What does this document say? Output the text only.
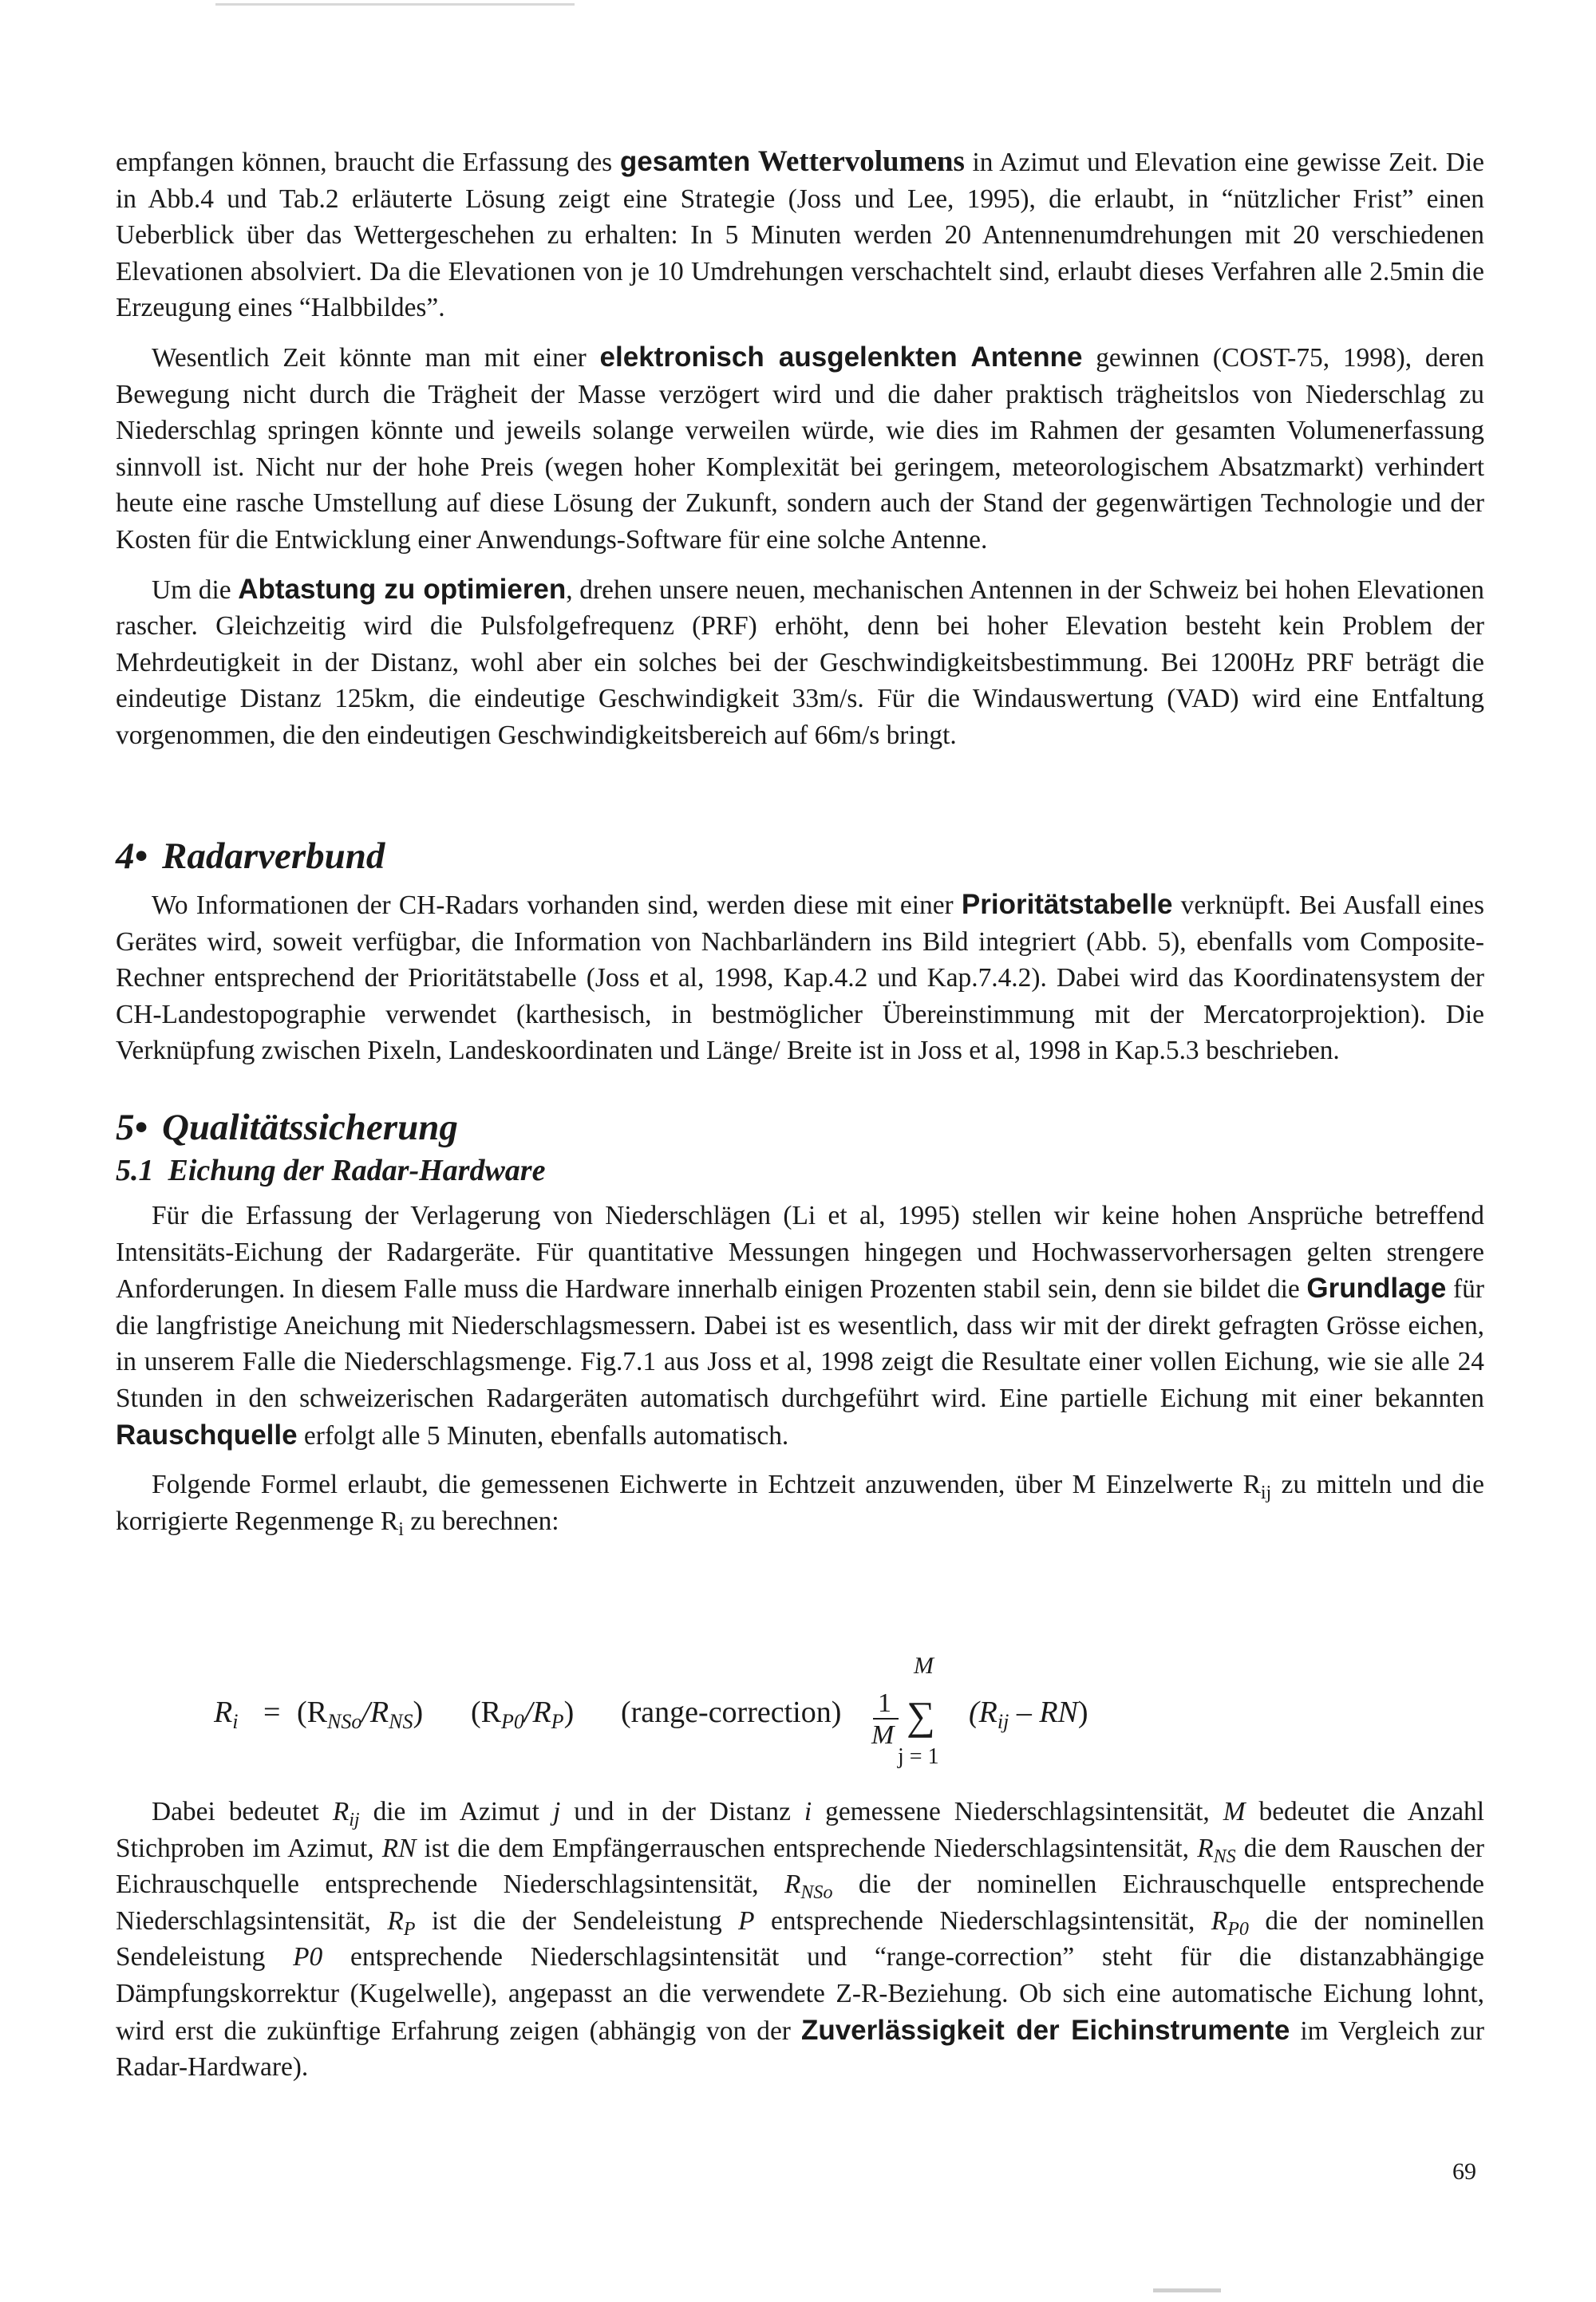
empfangen können, braucht die Erfassung des gesamten Wettervolumens in Azimut und Elevation eine gewisse Zeit. Die in Abb.4 und Tab.2 erläuterte Lösung zeigt eine Strategie (Joss und Lee, 1995), die erlaubt, in “nützlicher Frist” einen Ueberblick über das Wettergeschehen zu erhalten: In 5 Minuten werden 20 Antennenumdrehungen mit 20 verschiedenen Elevationen absolviert. Da die Elevationen von je 10 Umdrehungen verschachtelt sind, erlaubt dieses Verfahren alle 2.5min die Erzeugung eines “Halbbildes”.

Wesentlich Zeit könnte man mit einer elektronisch ausgelenkten Antenne gewinnen (COST-75, 1998), deren Bewegung nicht durch die Trägheit der Masse verzögert wird und die daher praktisch trägheitslos von Niederschlag zu Niederschlag springen könnte und jeweils solange verweilen würde, wie dies im Rahmen der gesamten Volumenerfassung sinnvoll ist. Nicht nur der hohe Preis (wegen hoher Komplexität bei geringem, meteorologischem Absatzmarkt) verhindert heute eine rasche Umstellung auf diese Lösung der Zukunft, sondern auch der Stand der gegenwärtigen Technologie und der Kosten für die Entwicklung einer Anwendungs-Software für eine solche Antenne.

Um die Abtastung zu optimieren, drehen unsere neuen, mechanischen Antennen in der Schweiz bei hohen Elevationen rascher. Gleichzeitig wird die Pulsfolgefrequenz (PRF) erhöht, denn bei hoher Elevation besteht kein Problem der Mehrdeutigkeit in der Distanz, wohl aber ein solches bei der Geschwindigkeitsbestimmung. Bei 1200Hz PRF beträgt die eindeutige Distanz 125km, die eindeutige Geschwindigkeit 33m/s. Für die Windauswertung (VAD) wird eine Entfaltung vorgenommen, die den eindeutigen Geschwindigkeitsbereich auf 66m/s bringt.

4• Radarverbund

Wo Informationen der CH-Radars vorhanden sind, werden diese mit einer Prioritätstabelle verknüpft. Bei Ausfall eines Gerätes wird, soweit verfügbar, die Information von Nachbarländern ins Bild integriert (Abb. 5), ebenfalls vom Composite-Rechner entsprechend der Prioritätstabelle (Joss et al, 1998, Kap.4.2 und Kap.7.4.2). Dabei wird das Koordinatensystem der CH-Landestopographie verwendet (karthesisch, in bestmöglicher Übereinstimmung mit der Mercatorprojektion). Die Verknüpfung zwischen Pixeln, Landeskoordinaten und Länge/ Breite ist in Joss et al, 1998 in Kap.5.3 beschrieben.

5• Qualitätssicherung
5.1 Eichung der Radar-Hardware

Für die Erfassung der Verlagerung von Niederschlägen (Li et al, 1995) stellen wir keine hohen Ansprüche betreffend Intensitäts-Eichung der Radargeräte. Für quantitative Messungen hingegen und Hochwasservorhersagen gelten strengere Anforderungen. In diesem Falle muss die Hardware innerhalb einigen Prozenten stabil sein, denn sie bildet die Grundlage für die langfristige Aneichung mit Niederschlagsmessern. Dabei ist es wesentlich, dass wir mit der direkt gefragten Grösse eichen, in unserem Falle die Niederschlagsmenge. Fig.7.1 aus Joss et al, 1998 zeigt die Resultate einer vollen Eichung, wie sie alle 24 Stunden in den schweizerischen Radargeräten automatisch durchgeführt wird. Eine partielle Eichung mit einer bekannten Rauschquelle erfolgt alle 5 Minuten, ebenfalls automatisch.

Folgende Formel erlaubt, die gemessenen Eichwerte in Echtzeit anzuwenden, über M Einzelwerte $R_{ij}$ zu mitteln und die korrigierte Regenmenge $R_i$ zu berechnen:

$R_i = (R_{NSo}/R_{NS})$ $(R_{P0}/R_P)$ (range-correction) 1
M
M
∑
j = 1
$(R_{ij} - RN)$

Dabei bedeutet $R_{ij}$ die im Azimut j und in der Distanz i gemessene Niederschlagsintensität, M bedeutet die Anzahl Stichproben im Azimut, RN ist die dem Empfängerrauschen entsprechende Niederschlagsintensität, $R_{NS}$ die dem Rauschen der Eichrauschquelle entsprechende Niederschlagsintensität, $R_{NSo}$ die der nominellen Eichrauschquelle entsprechende Niederschlagsintensität, $R_P$ ist die der Sendeleistung P entsprechende Niederschlagsintensität, $R_{P0}$ die der nominellen Sendeleistung P0 entsprechende Niederschlagsintensität und “range-correction” steht für die distanzabhängige Dämpfungskorrektur (Kugelwelle), angepasst an die verwendete Z-R-Beziehung. Ob sich eine automatische Eichung lohnt, wird erst die zukünftige Erfahrung zeigen (abhängig von der Zuverlässigkeit der Eichinstrumente im Vergleich zur Radar-Hardware).

69
